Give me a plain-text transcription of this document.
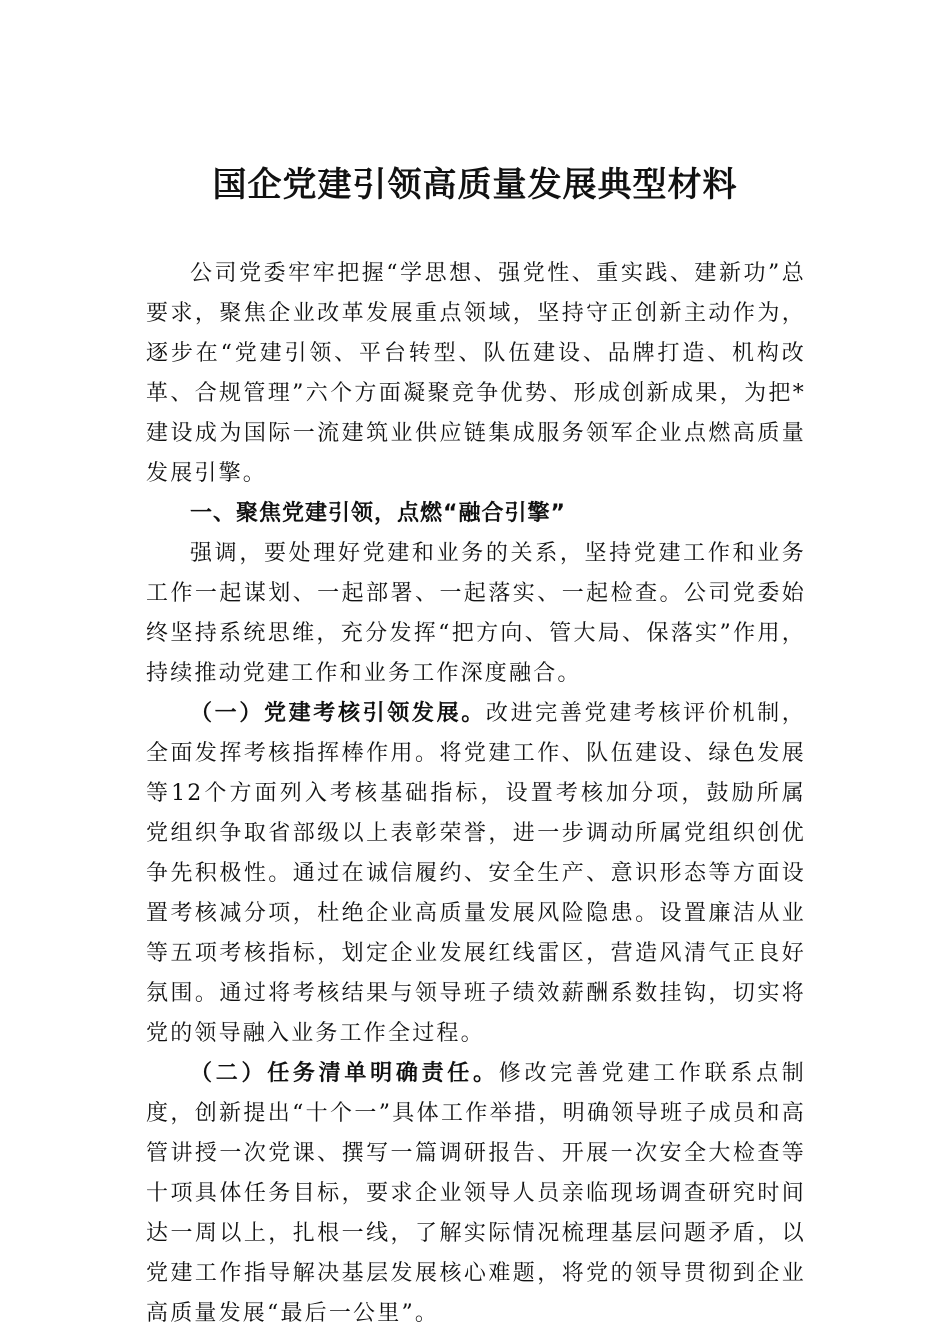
国企党建引领高质量发展典型材料

公司党委牢牢把握“学思想、强党性、重实践、建新功”总要求，聚焦企业改革发展重点领域，坚持守正创新主动作为，逐步在“党建引领、平台转型、队伍建设、品牌打造、机构改革、合规管理”六个方面凝聚竞争优势、形成创新成果，为把*建设成为国际一流建筑业供应链集成服务领军企业点燃高质量发展引擎。

一、聚焦党建引领，点燃“融合引擎”

强调，要处理好党建和业务的关系，坚持党建工作和业务工作一起谋划、一起部署、一起落实、一起检查。公司党委始终坚持系统思维，充分发挥“把方向、管大局、保落实”作用，持续推动党建工作和业务工作深度融合。

（一）党建考核引领发展。改进完善党建考核评价机制，全面发挥考核指挥棒作用。将党建工作、队伍建设、绿色发展等12个方面列入考核基础指标，设置考核加分项，鼓励所属党组织争取省部级以上表彰荣誉，进一步调动所属党组织创优争先积极性。通过在诚信履约、安全生产、意识形态等方面设置考核减分项，杜绝企业高质量发展风险隐患。设置廉洁从业等五项考核指标，划定企业发展红线雷区，营造风清气正良好氛围。通过将考核结果与领导班子绩效薪酬系数挂钩，切实将党的领导融入业务工作全过程。

（二）任务清单明确责任。修改完善党建工作联系点制度，创新提出“十个一”具体工作举措，明确领导班子成员和高管讲授一次党课、撰写一篇调研报告、开展一次安全大检查等十项具体任务目标，要求企业领导人员亲临现场调查研究时间达一周以上，扎根一线，了解实际情况梳理基层问题矛盾，以党建工作指导解决基层发展核心难题，将党的领导贯彻到企业高质量发展“最后一公里”。
